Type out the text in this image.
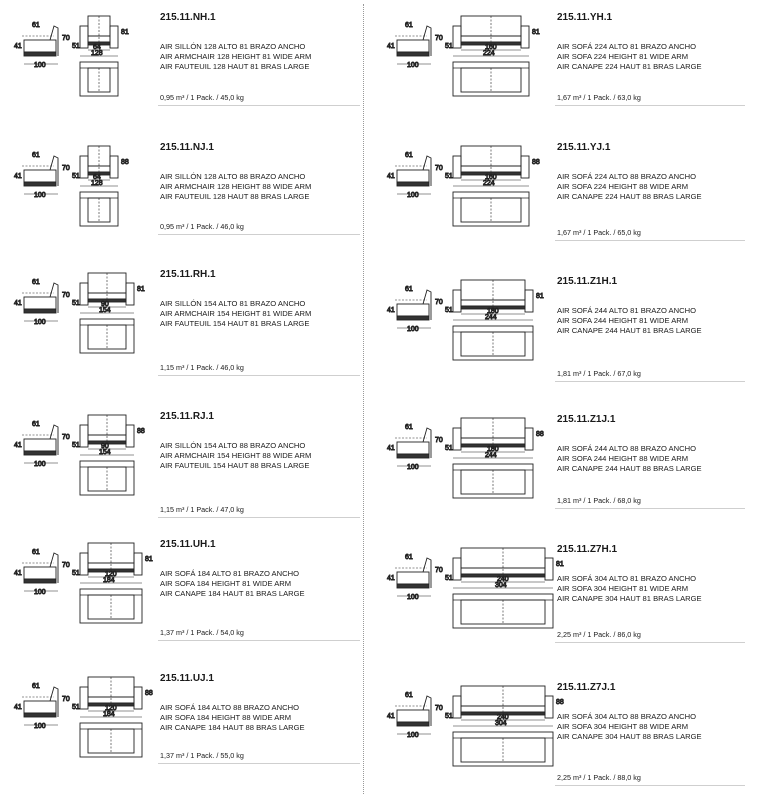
61
41
70
51
100
81
64
128
215.11.NH.1
AIR SILLÓN 128 ALTO 81 BRAZO ANCHO
AIR ARMCHAIR 128 HEIGHT 81 WIDE ARM
AIR FAUTEUIL 128 HAUT 81 BRAS LARGE
0,95 m³ / 1 Pack. / 45,0 kg
61
41
70
51
100
88
64
128
215.11.NJ.1
AIR SILLÓN 128 ALTO 88 BRAZO ANCHO
AIR ARMCHAIR 128 HEIGHT 88 WIDE ARM
AIR FAUTEUIL 128 HAUT 88 BRAS LARGE
0,95 m³ / 1 Pack. / 46,0 kg
61
41
70
51
100
81
90
154
215.11.RH.1
AIR SILLÓN 154 ALTO 81 BRAZO ANCHO
AIR ARMCHAIR 154 HEIGHT 81 WIDE ARM
AIR FAUTEUIL 154 HAUT 81 BRAS LARGE
1,15 m³ / 1 Pack. / 46,0 kg
61
41
70
51
100
88
90
154
215.11.RJ.1
AIR SILLÓN 154 ALTO 88 BRAZO ANCHO
AIR ARMCHAIR 154 HEIGHT 88 WIDE ARM
AIR FAUTEUIL 154 HAUT 88 BRAS LARGE
1,15 m³ / 1 Pack. / 47,0 kg
61
41
70
51
100
81
120
184
215.11.UH.1
AIR SOFÁ 184 ALTO 81 BRAZO ANCHO
AIR SOFA 184 HEIGHT 81 WIDE ARM
AIR CANAPE 184 HAUT 81 BRAS LARGE
1,37 m³ / 1 Pack. / 54,0 kg
61
41
70
51
100
88
120
184
215.11.UJ.1
AIR SOFÁ 184 ALTO 88 BRAZO ANCHO
AIR SOFA 184 HEIGHT 88 WIDE ARM
AIR CANAPE 184 HAUT 88 BRAS LARGE
1,37 m³ / 1 Pack. / 55,0 kg
61
41
70
51
100
81
160
224
215.11.YH.1
AIR SOFÁ 224 ALTO 81 BRAZO ANCHO
AIR SOFA 224 HEIGHT 81 WIDE ARM
AIR CANAPE 224 HAUT 81 BRAS LARGE
1,67 m³ / 1 Pack. / 63,0 kg
61
41
70
51
100
88
160
224
215.11.YJ.1
AIR SOFÁ 224 ALTO 88 BRAZO ANCHO
AIR SOFA 224 HEIGHT 88 WIDE ARM
AIR CANAPE 224 HAUT 88 BRAS LARGE
1,67 m³ / 1 Pack. / 65,0 kg
61
41
70
51
100
81
180
244
215.11.Z1H.1
AIR SOFÁ 244 ALTO 81 BRAZO ANCHO
AIR SOFA 244 HEIGHT 81 WIDE ARM
AIR CANAPE 244 HAUT 81 BRAS LARGE
1,81 m³ / 1 Pack. / 67,0 kg
61
41
70
51
100
88
180
244
215.11.Z1J.1
AIR SOFÁ 244 ALTO 88 BRAZO ANCHO
AIR SOFA 244 HEIGHT 88 WIDE ARM
AIR CANAPE 244 HAUT 88 BRAS LARGE
1,81 m³ / 1 Pack. / 68,0 kg
61
41
70
51
100
81
240
304
215.11.Z7H.1
AIR SOFÁ 304 ALTO 81 BRAZO ANCHO
AIR SOFA 304 HEIGHT 81 WIDE ARM
AIR CANAPE 304 HAUT 81 BRAS LARGE
2,25 m³ / 1 Pack. / 86,0 kg
61
41
70
51
100
88
240
304
215.11.Z7J.1
AIR SOFÁ 304 ALTO 88 BRAZO ANCHO
AIR SOFA 304 HEIGHT 88 WIDE ARM
AIR CANAPE 304 HAUT 88 BRAS LARGE
2,25 m³ / 1 Pack. / 88,0 kg
